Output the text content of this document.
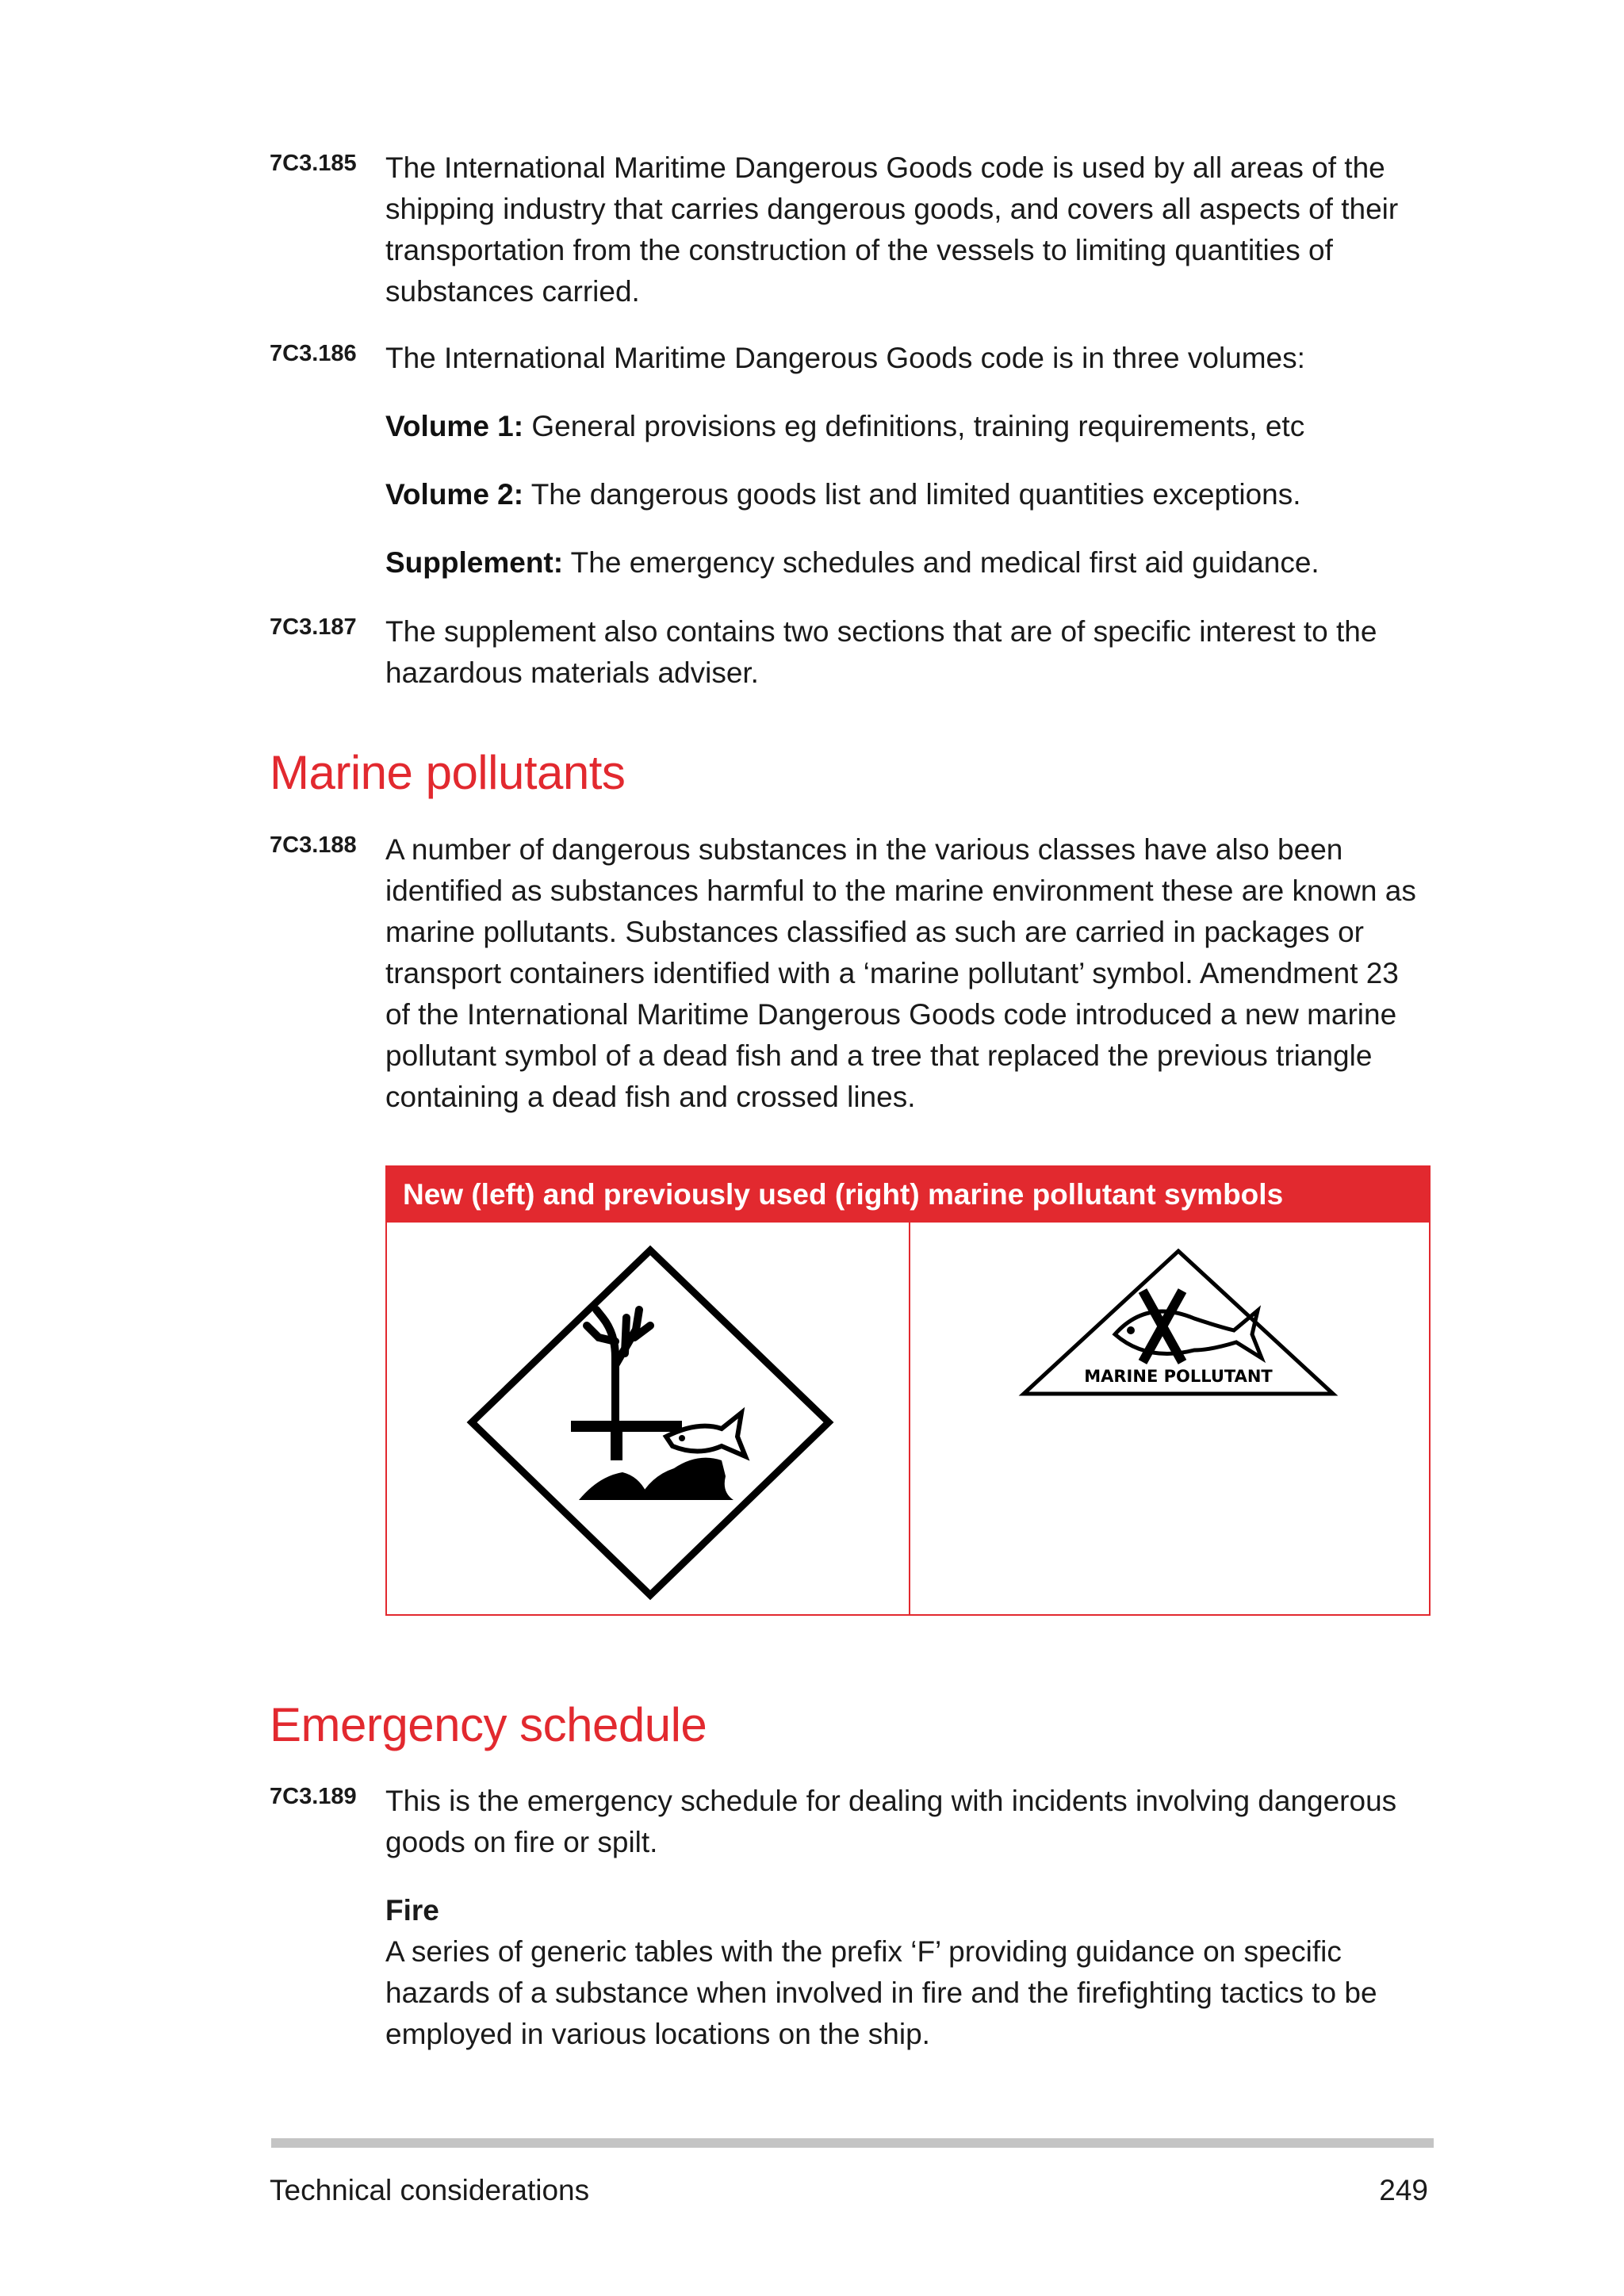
7C3.185 The International Maritime Dangerous Goods code is used by all areas of the shipping industry that carries dangerous goods, and covers all aspects of their transportation from the construction of the vessels to limiting quantities of substances carried.
7C3.186 The International Maritime Dangerous Goods code is in three volumes:
Volume 1: General provisions eg definitions, training requirements, etc
Volume 2: The dangerous goods list and limited quantities exceptions.
Supplement: The emergency schedules and medical first aid guidance.
7C3.187 The supplement also contains two sections that are of specific interest to the hazardous materials adviser.
Marine pollutants
7C3.188 A number of dangerous substances in the various classes have also been identified as substances harmful to the marine environment these are known as marine pollutants. Substances classified as such are carried in packages or transport containers identified with a ‘marine pollutant’ symbol. Amendment 23 of the International Maritime Dangerous Goods code introduced a new marine pollutant symbol of a dead fish and a tree that replaced the previous triangle containing a dead fish and crossed lines.
New (left) and previously used (right) marine pollutant symbols
MARINE POLLUTANT
Emergency schedule
7C3.189 This is the emergency schedule for dealing with incidents involving dangerous goods on fire or spilt.
Fire
A series of generic tables with the prefix ‘F’ providing guidance on specific hazards of a substance when involved in fire and the firefighting tactics to be employed in various locations on the ship.
Technical considerations	249
